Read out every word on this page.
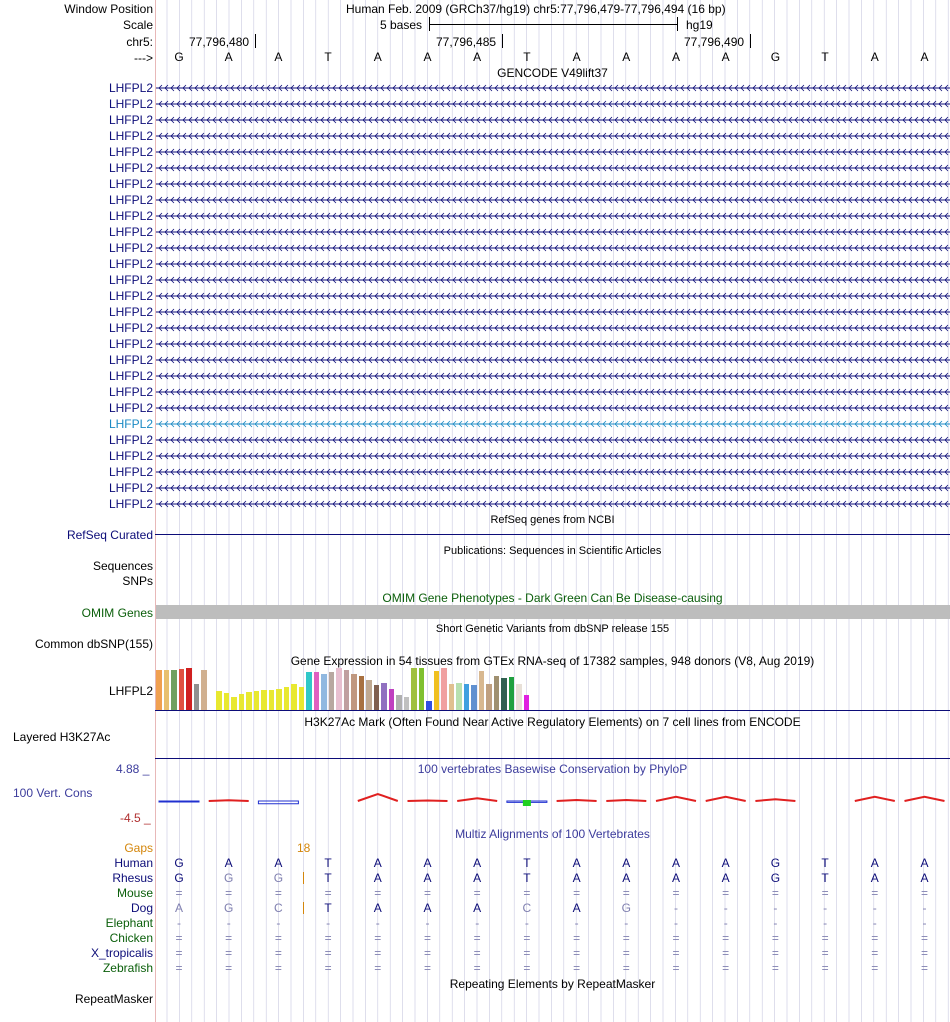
Window Position	Human Feb. 2009 (GRCh37/hg19) chr5:77,796,479-77,796,494 (16 bp)
Scale	5 bases	hg19
chr5:	77,796,480	77,796,485	77,796,490
--->	G	A	A	T	A	A	A	T	A	A	A	A	G	T	A	A
GENCODE V49lift37
LHFPL2
LHFPL2
LHFPL2
LHFPL2
LHFPL2
LHFPL2
LHFPL2
LHFPL2
LHFPL2
LHFPL2
LHFPL2
LHFPL2
LHFPL2
LHFPL2
LHFPL2
LHFPL2
LHFPL2
LHFPL2
LHFPL2
LHFPL2
LHFPL2
LHFPL2
LHFPL2
LHFPL2
LHFPL2
LHFPL2
LHFPL2
RefSeq genes from NCBI
RefSeq Curated
Publications: Sequences in Scientific Articles
Sequences
SNPs
OMIM Gene Phenotypes - Dark Green Can Be Disease-causing
OMIM Genes
Short Genetic Variants from dbSNP release 155
Common dbSNP(155)
Gene Expression in 54 tissues from GTEx RNA-seq of 17382 samples, 948 donors (V8, Aug 2019)
LHFPL2
H3K27Ac Mark (Often Found Near Active Regulatory Elements) on 7 cell lines from ENCODE
Layered H3K27Ac
100 vertebrates Basewise Conservation by PhyloP
4.88 _
100 Vert. Cons
-4.5 _
Multiz Alignments of 100 Vertebrates
Gaps	18
Human	G	A	A	T	A	A	A	T	A	A	A	A	G	T	A	A
Rhesus	G	G	G	T	A	A	A	T	A	A	A	A	G	T	A	A
Mouse	=	=	=	=	=	=	=	=	=	=	=	=	=	=	=	=
Dog	A	G	C	T	A	A	A	C	A	G	-	-	-	-	-	-
Elephant	-	-	-	-	-	-	-	-	-	-	-	-	-	-	-	-
Chicken	=	=	=	=	=	=	=	=	=	=	=	=	=	=	=	=
X_tropicalis	=	=	=	=	=	=	=	=	=	=	=	=	=	=	=	=
Zebrafish	=	=	=	=	=	=	=	=	=	=	=	=	=	=	=	=
Repeating Elements by RepeatMasker
RepeatMasker
